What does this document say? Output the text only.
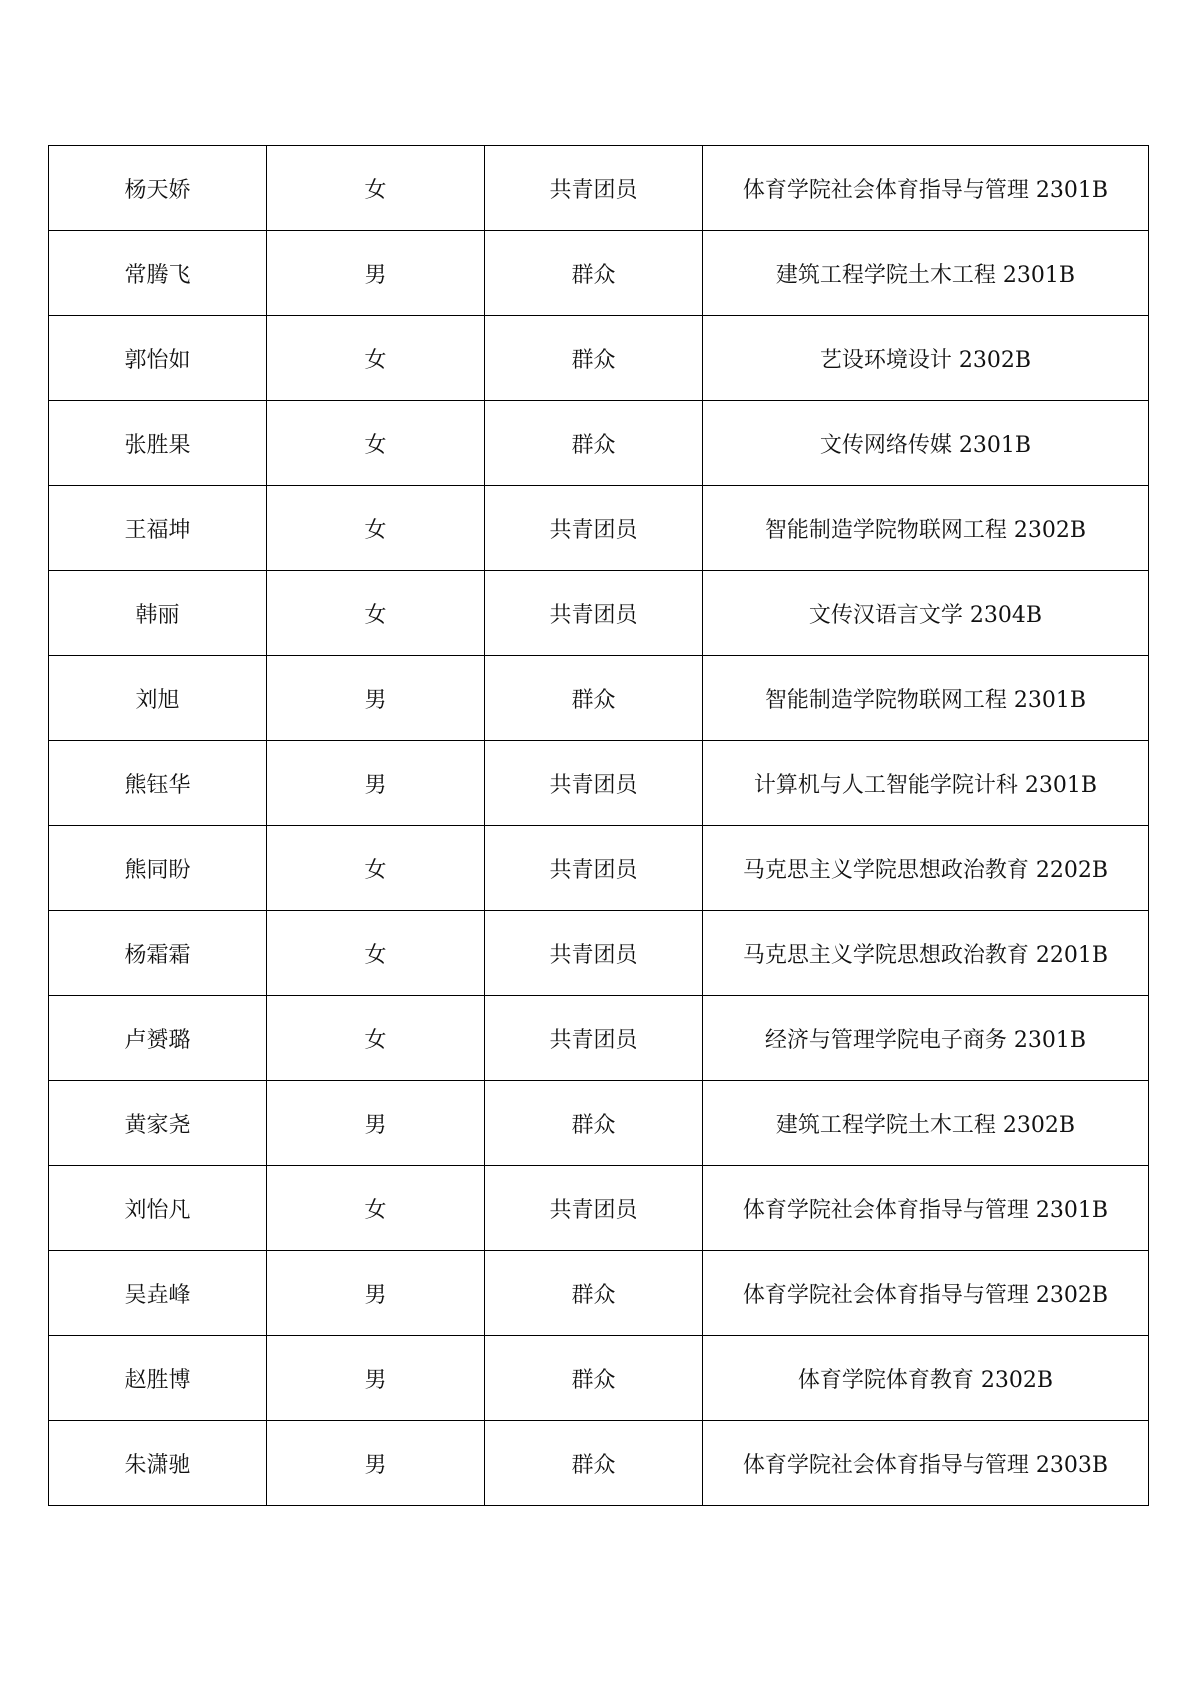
杨天娇	女	共青团员	体育学院社会体育指导与管理 2301B
常腾飞	男	群众	建筑工程学院土木工程 2301B
郭怡如	女	群众	艺设环境设计 2302B
张胜果	女	群众	文传网络传媒 2301B
王福坤	女	共青团员	智能制造学院物联网工程 2302B
韩丽	女	共青团员	文传汉语言文学 2304B
刘旭	男	群众	智能制造学院物联网工程 2301B
熊钰华	男	共青团员	计算机与人工智能学院计科 2301B
熊同盼	女	共青团员	马克思主义学院思想政治教育 2202B
杨霜霜	女	共青团员	马克思主义学院思想政治教育 2201B
卢赟璐	女	共青团员	经济与管理学院电子商务 2301B
黄家尧	男	群众	建筑工程学院土木工程 2302B
刘怡凡	女	共青团员	体育学院社会体育指导与管理 2301B
吴垚峰	男	群众	体育学院社会体育指导与管理 2302B
赵胜博	男	群众	体育学院体育教育 2302B
朱潇驰	男	群众	体育学院社会体育指导与管理 2303B
